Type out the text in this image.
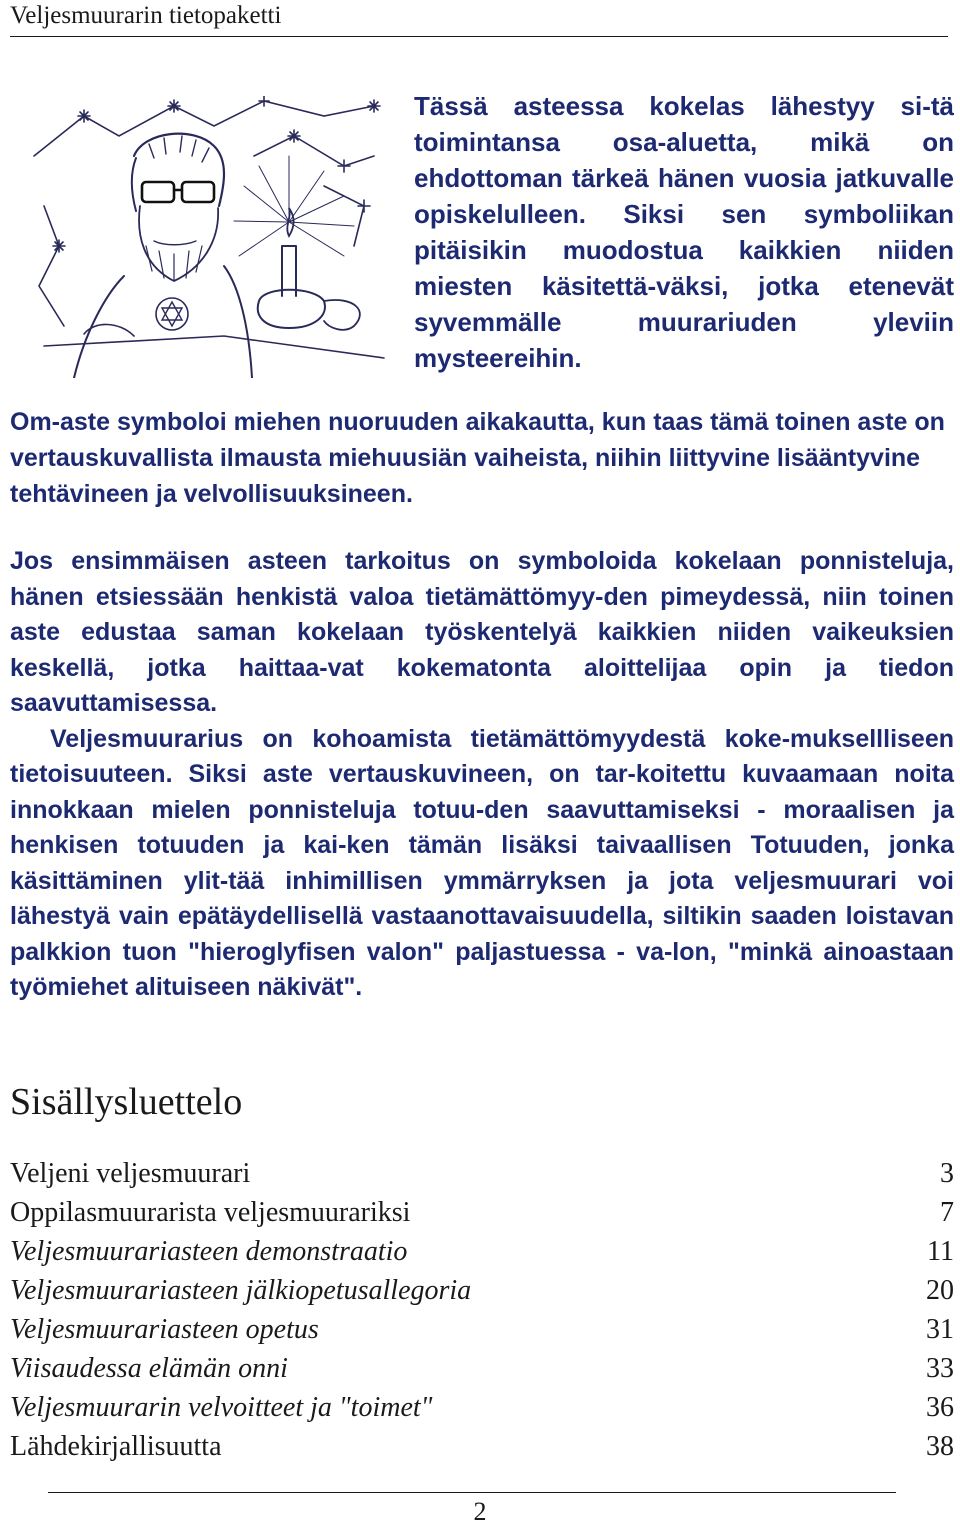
Veljesmuurarin tietopaketti

Tässä asteessa kokelas lähestyy si-tä toimintansa osa-aluetta, mikä on ehdottoman tärkeä hänen vuosia jatkuvalle opiskelulleen. Siksi sen symboliikan pitäisikin muodostua kaikkien niiden miesten käsitettä-väksi, jotka etenevät syvemmälle muurariuden yleviin mysteereihin.

Om-aste symboloi miehen nuoruuden aikakautta, kun taas tämä toinen aste on vertauskuvallista ilmausta miehuusiän vaiheista, niihin liittyvine lisääntyvine tehtävineen ja velvollisuuksineen.

Jos ensimmäisen asteen tarkoitus on symboloida kokelaan ponnisteluja, hänen etsiessään henkistä valoa tietämättömyy-den pimeydessä, niin toinen aste edustaa saman kokelaan työskentelyä kaikkien niiden vaikeuksien keskellä, jotka haittaa-vat kokematonta aloittelijaa opin ja tiedon saavuttamisessa.
Veljesmuurarius on kohoamista tietämättömyydestä koke-muksellliseen tietoisuuteen. Siksi aste vertauskuvineen, on tar-koitettu kuvaamaan noita innokkaan mielen ponnisteluja totuu-den saavuttamiseksi - moraalisen ja henkisen totuuden ja kai-ken tämän lisäksi taivaallisen Totuuden, jonka käsittäminen ylit-tää inhimillisen ymmärryksen ja jota veljesmuurari voi lähestyä vain epätäydellisellä vastaanottavaisuudella, siltikin saaden loistavan palkkion tuon "hieroglyfisen valon" paljastuessa - va-lon, "minkä ainoastaan työmiehet alituiseen näkivät".

Sisällysluettelo
Veljeni veljesmuurari	3
Oppilasmuurarista veljesmuurariksi	7
Veljesmuurariasteen demonstraatio	11
Veljesmuurariasteen jälkiopetusallegoria	20
Veljesmuurariasteen opetus	31
Viisaudessa elämän onni	33
Veljesmuurarin velvoitteet ja "toimet"	36
Lähdekirjallisuutta	38
2
